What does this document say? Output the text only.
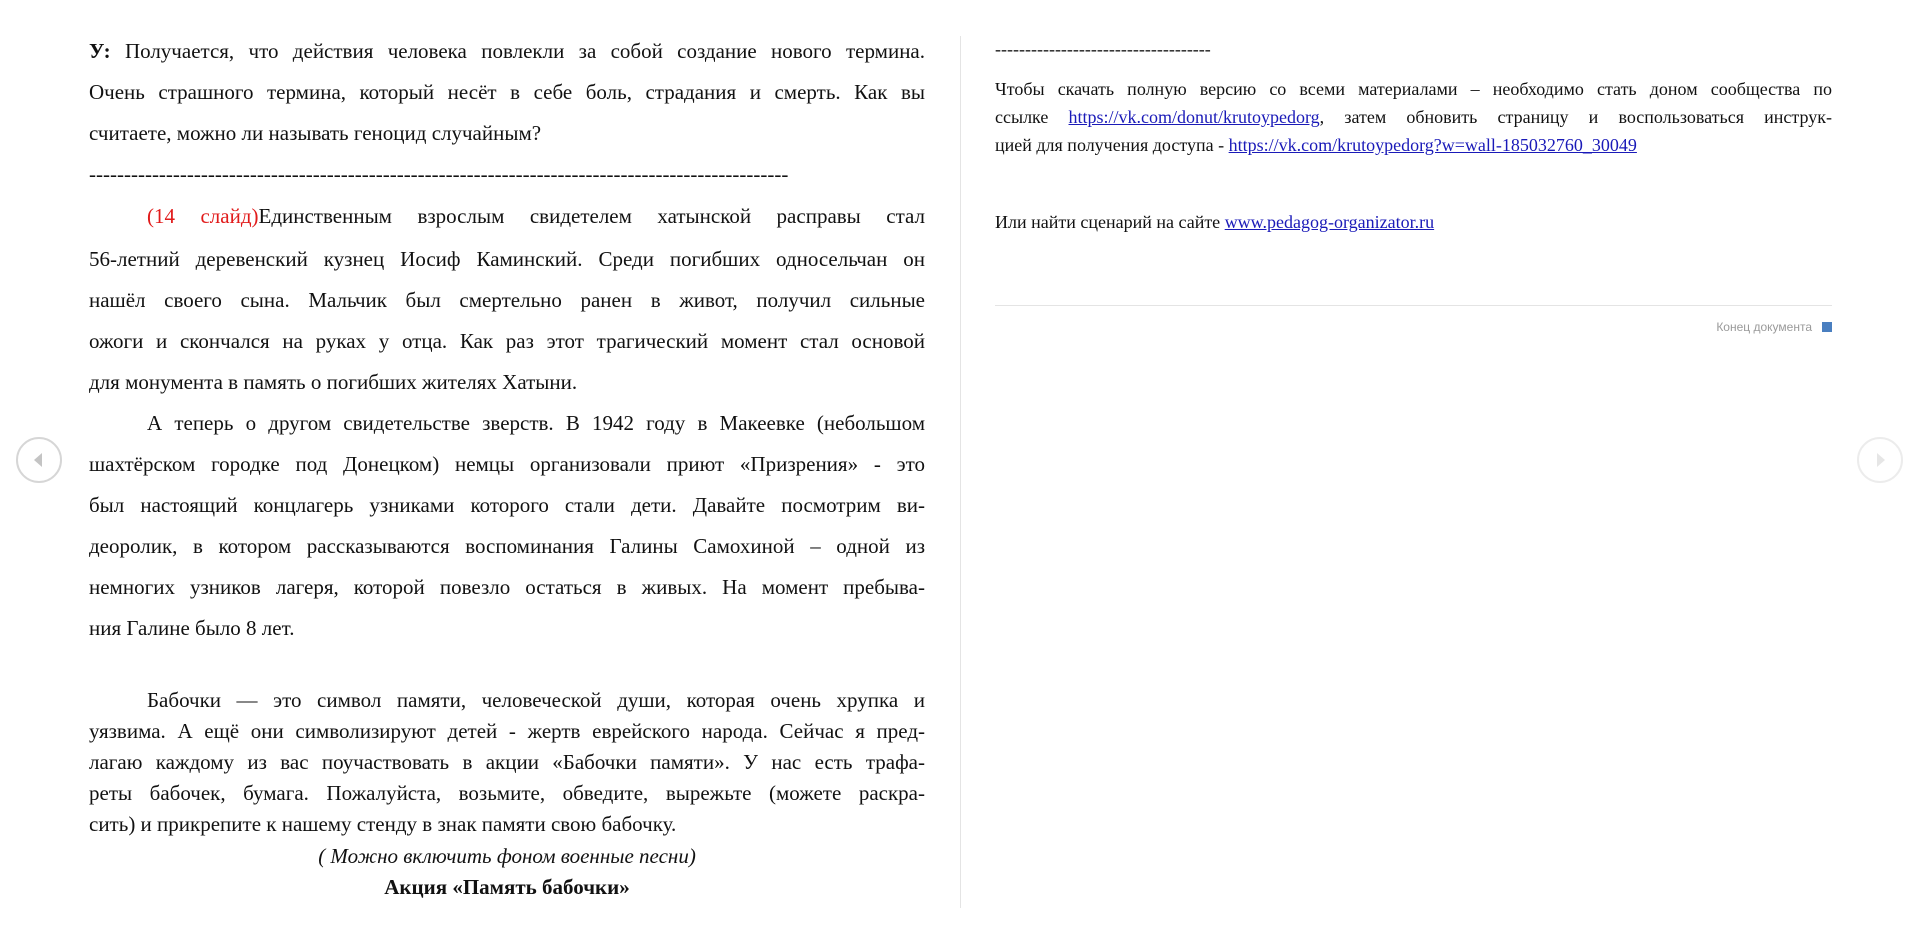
У: Получается, что действия человека повлекли за собой создание нового термина.
Очень страшного термина, который несёт в себе боль, страдания и смерть. Как вы
считаете, можно ли называть геноцид случайным?
----------------------------------------------------------------------------------------------------
(14 слайд)Единственным взрослым свидетелем хатынской расправы стал
56-летний деревенский кузнец Иосиф Каминский. Среди погибших односельчан он
нашёл своего сына. Мальчик был смертельно ранен в живот, получил сильные
ожоги и скончался на руках у отца. Как раз этот трагический момент стал основой
для монумента в память о погибших жителях Хатыни.
А теперь о другом свидетельстве зверств. В 1942 году в Макеевке (небольшом
шахтёрском городке под Донецком) немцы организовали приют «Призрения» - это
был настоящий концлагерь узниками которого стали дети. Давайте посмотрим ви-
деоролик, в котором рассказываются воспоминания Галины Самохиной – одной из
немногих узников лагеря, которой повезло остаться в живых. На момент пребыва-
ния Галине было 8 лет.
Бабочки — это символ памяти, человеческой души, которая очень хрупка и
уязвима. А ещё они символизируют детей - жертв еврейского народа. Сейчас я пред-
лагаю каждому из вас поучаствовать в акции «Бабочки памяти». У нас есть трафа-
реты бабочек, бумага. Пожалуйста, возьмите, обведите, вырежьте (можете раскра-
сить) и прикрепите к нашему стенду в знак памяти свою бабочку.
( Можно включить фоном военные песни)
Акция «Память бабочки»
------------------------------------
Чтобы скачать полную версию со всеми материалами – необходимо стать доном сообщества по
ссылке https://vk.com/donut/krutoypedorg, затем обновить страницу и воспользоваться инструк-
цией для получения доступа - https://vk.com/krutoypedorg?w=wall-185032760_30049
Или найти сценарий на сайте www.pedagog-organizator.ru
Конец документа
